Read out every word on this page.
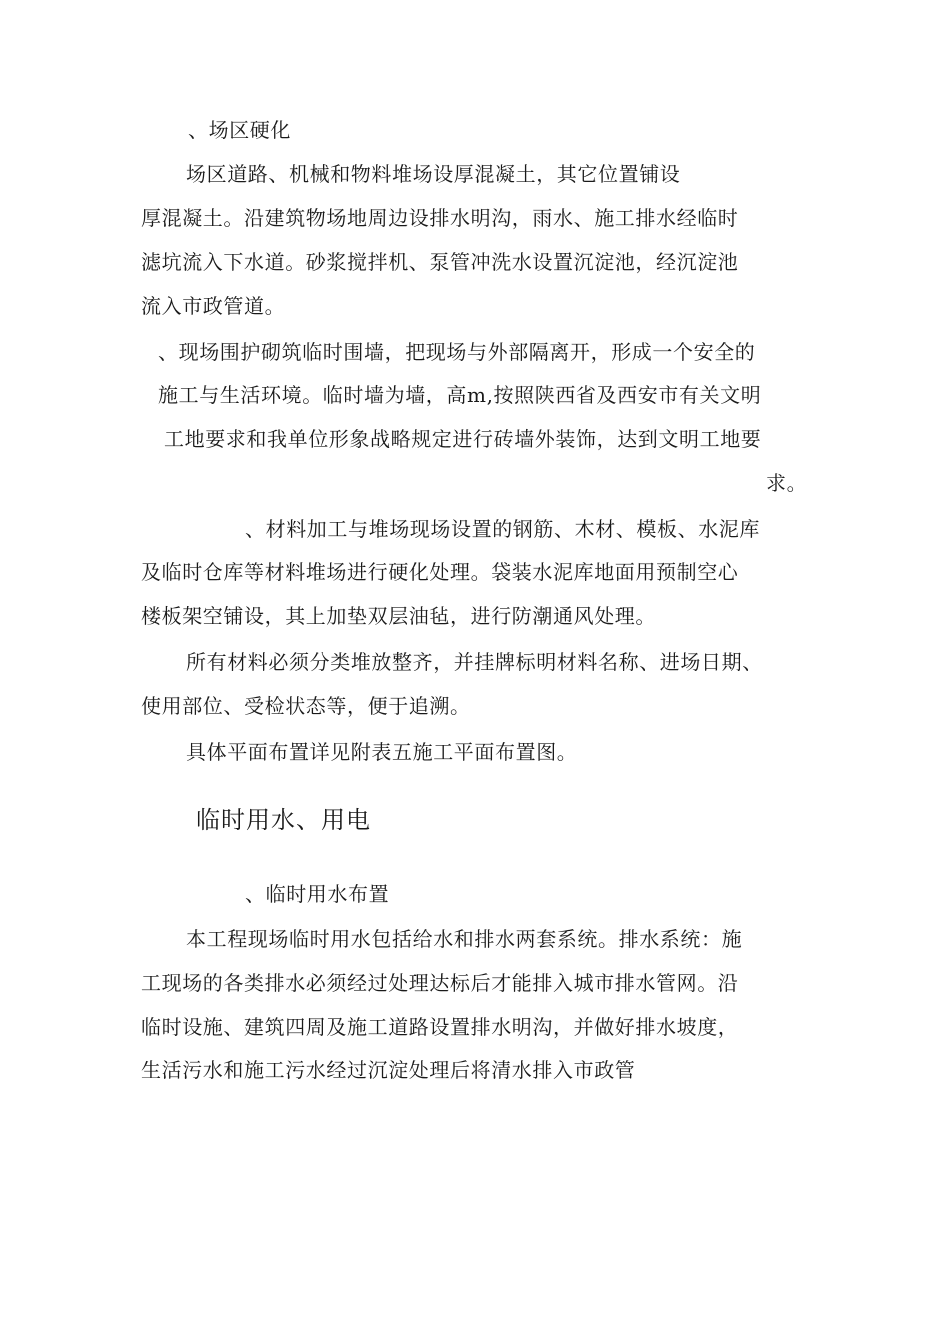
、场区硬化
场区道路、机械和物料堆场设厚混凝土，其它位置铺设
厚混凝土。沿建筑物场地周边设排水明沟，雨水、施工排水经临时
滤坑流入下水道。砂浆搅拌机、泵管冲洗水设置沉淀池，经沉淀池
流入市政管道。
、现场围护砌筑临时围墙，把现场与外部隔离开，形成一个安全的
施工与生活环境。临时墙为墙，高m,按照陕西省及西安市有关文明
工地要求和我单位形象战略规定进行砖墙外装饰，达到文明工地要
求。
、材料加工与堆场现场设置的钢筋、木材、模板、水泥库
及临时仓库等材料堆场进行硬化处理。袋装水泥库地面用预制空心
楼板架空铺设，其上加垫双层油毡，进行防潮通风处理。
所有材料必须分类堆放整齐，并挂牌标明材料名称、进场日期、
使用部位、受检状态等，便于追溯。
具体平面布置详见附表五施工平面布置图。
临时用水、用电
、临时用水布置
本工程现场临时用水包括给水和排水两套系统。排水系统：施
工现场的各类排水必须经过处理达标后才能排入城市排水管网。沿
临时设施、建筑四周及施工道路设置排水明沟，并做好排水坡度，
生活污水和施工污水经过沉淀处理后将清水排入市政管
